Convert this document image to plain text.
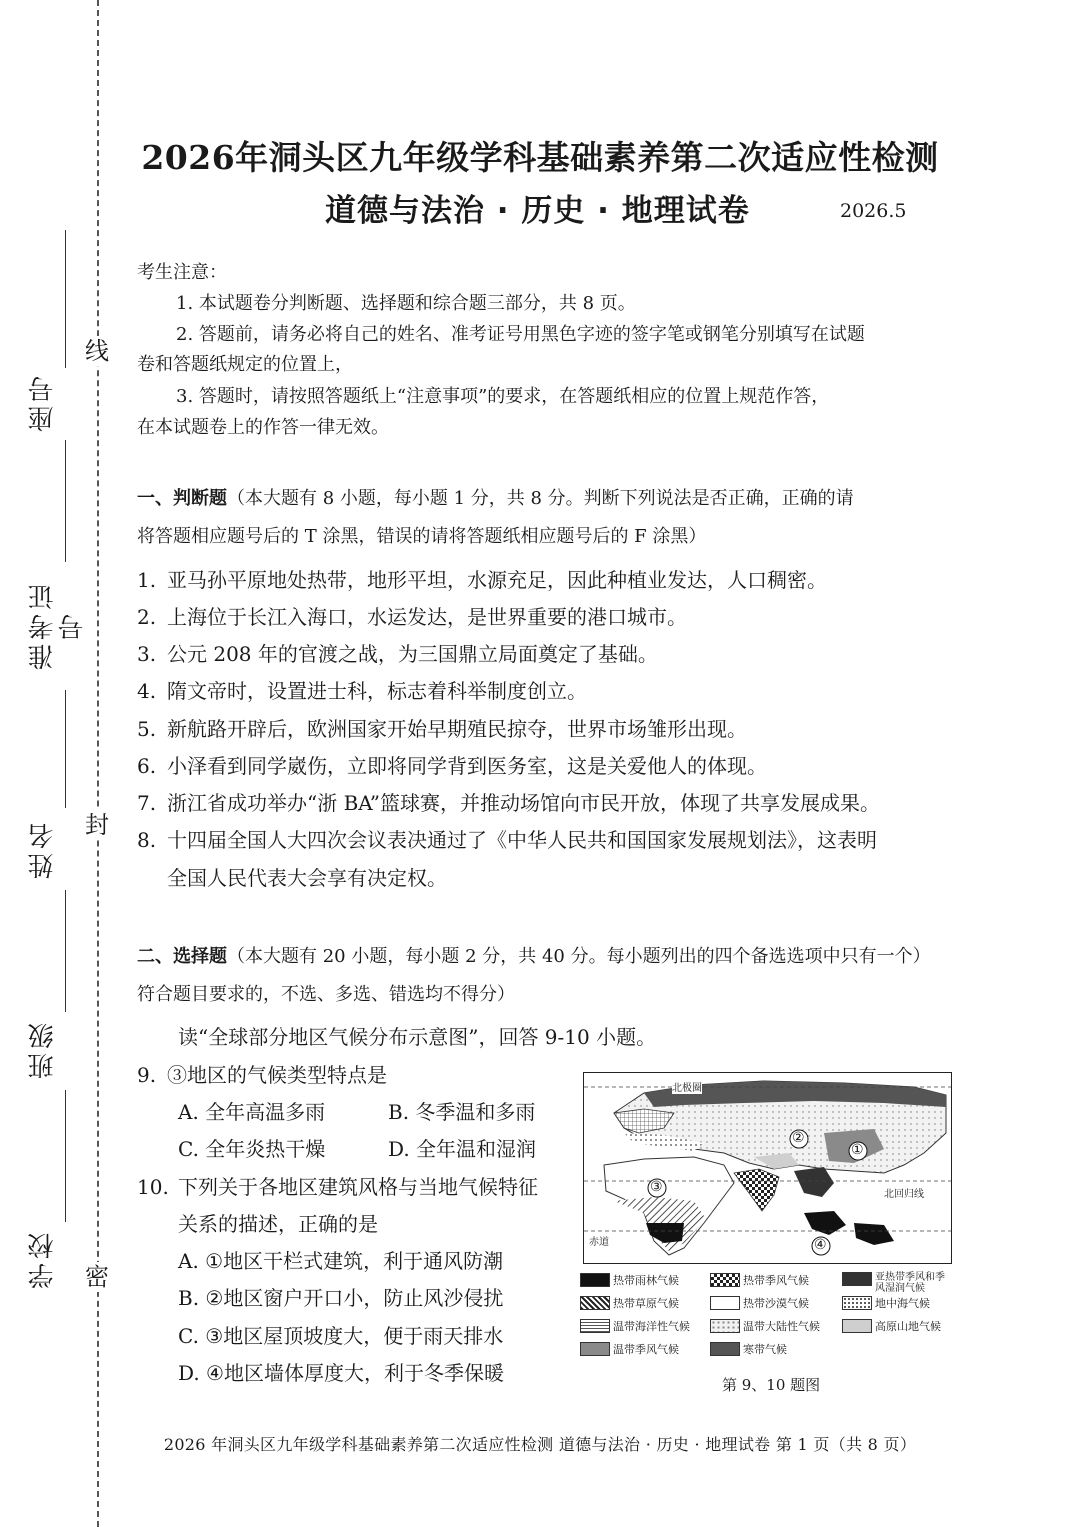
线
封
密
座号
准考证号
姓名
班级
学校
2026年洞头区九年级学科基础素养第二次适应性检测
道德与法治 · 历史 · 地理试卷	2026.5
考生注意：
1. 本试题卷分判断题、选择题和综合题三部分，共 8 页。
2. 答题前，请务必将自己的姓名、准考证号用黑色字迹的签字笔或钢笔分别填写在试题
卷和答题纸规定的位置上，
3. 答题时，请按照答题纸上“注意事项”的要求，在答题纸相应的位置上规范作答，
在本试题卷上的作答一律无效。
一、判断题（本大题有 8 小题，每小题 1 分，共 8 分。判断下列说法是否正确，正确的请
将答题相应题号后的 T 涂黑，错误的请将答题纸相应题号后的 F 涂黑）
1. 亚马孙平原地处热带，地形平坦，水源充足，因此种植业发达，人口稠密。
2. 上海位于长江入海口，水运发达，是世界重要的港口城市。
3. 公元 208 年的官渡之战，为三国鼎立局面奠定了基础。
4. 隋文帝时，设置进士科，标志着科举制度创立。
5. 新航路开辟后，欧洲国家开始早期殖民掠夺，世界市场雏形出现。
6. 小泽看到同学崴伤，立即将同学背到医务室，这是关爱他人的体现。
7. 浙江省成功举办“浙 BA”篮球赛，并推动场馆向市民开放，体现了共享发展成果。
8. 十四届全国人大四次会议表决通过了《中华人民共和国国家发展规划法》，这表明
全国人民代表大会享有决定权。
二、选择题（本大题有 20 小题，每小题 2 分，共 40 分。每小题列出的四个备选选项中只有一个）
符合题目要求的，不选、多选、错选均不得分）
读“全球部分地区气候分布示意图”，回答 9-10 小题。
9. ③地区的气候类型特点是
A. 全年高温多雨	B. 冬季温和多雨
C. 全年炎热干燥	D. 全年温和湿润
10. 下列关于各地区建筑风格与当地气候特征
关系的描述，正确的是
A. ①地区干栏式建筑，利于通风防潮
B. ②地区窗户开口小，防止风沙侵扰
C. ③地区屋顶坡度大，便于雨天排水
D. ④地区墙体厚度大，利于冬季保暖
北极圈
北回归线
赤道
①
②
③
④
热带雨林气候	热带季风气候	亚热带季风和季风湿润气候
热带草原气候	热带沙漠气候	地中海气候
温带海洋性气候	温带大陆性气候	高原山地气候
温带季风气候	寒带气候
第 9、10 题图
2026 年洞头区九年级学科基础素养第二次适应性检测 道德与法治 · 历史 · 地理试卷 第 1 页（共 8 页）
